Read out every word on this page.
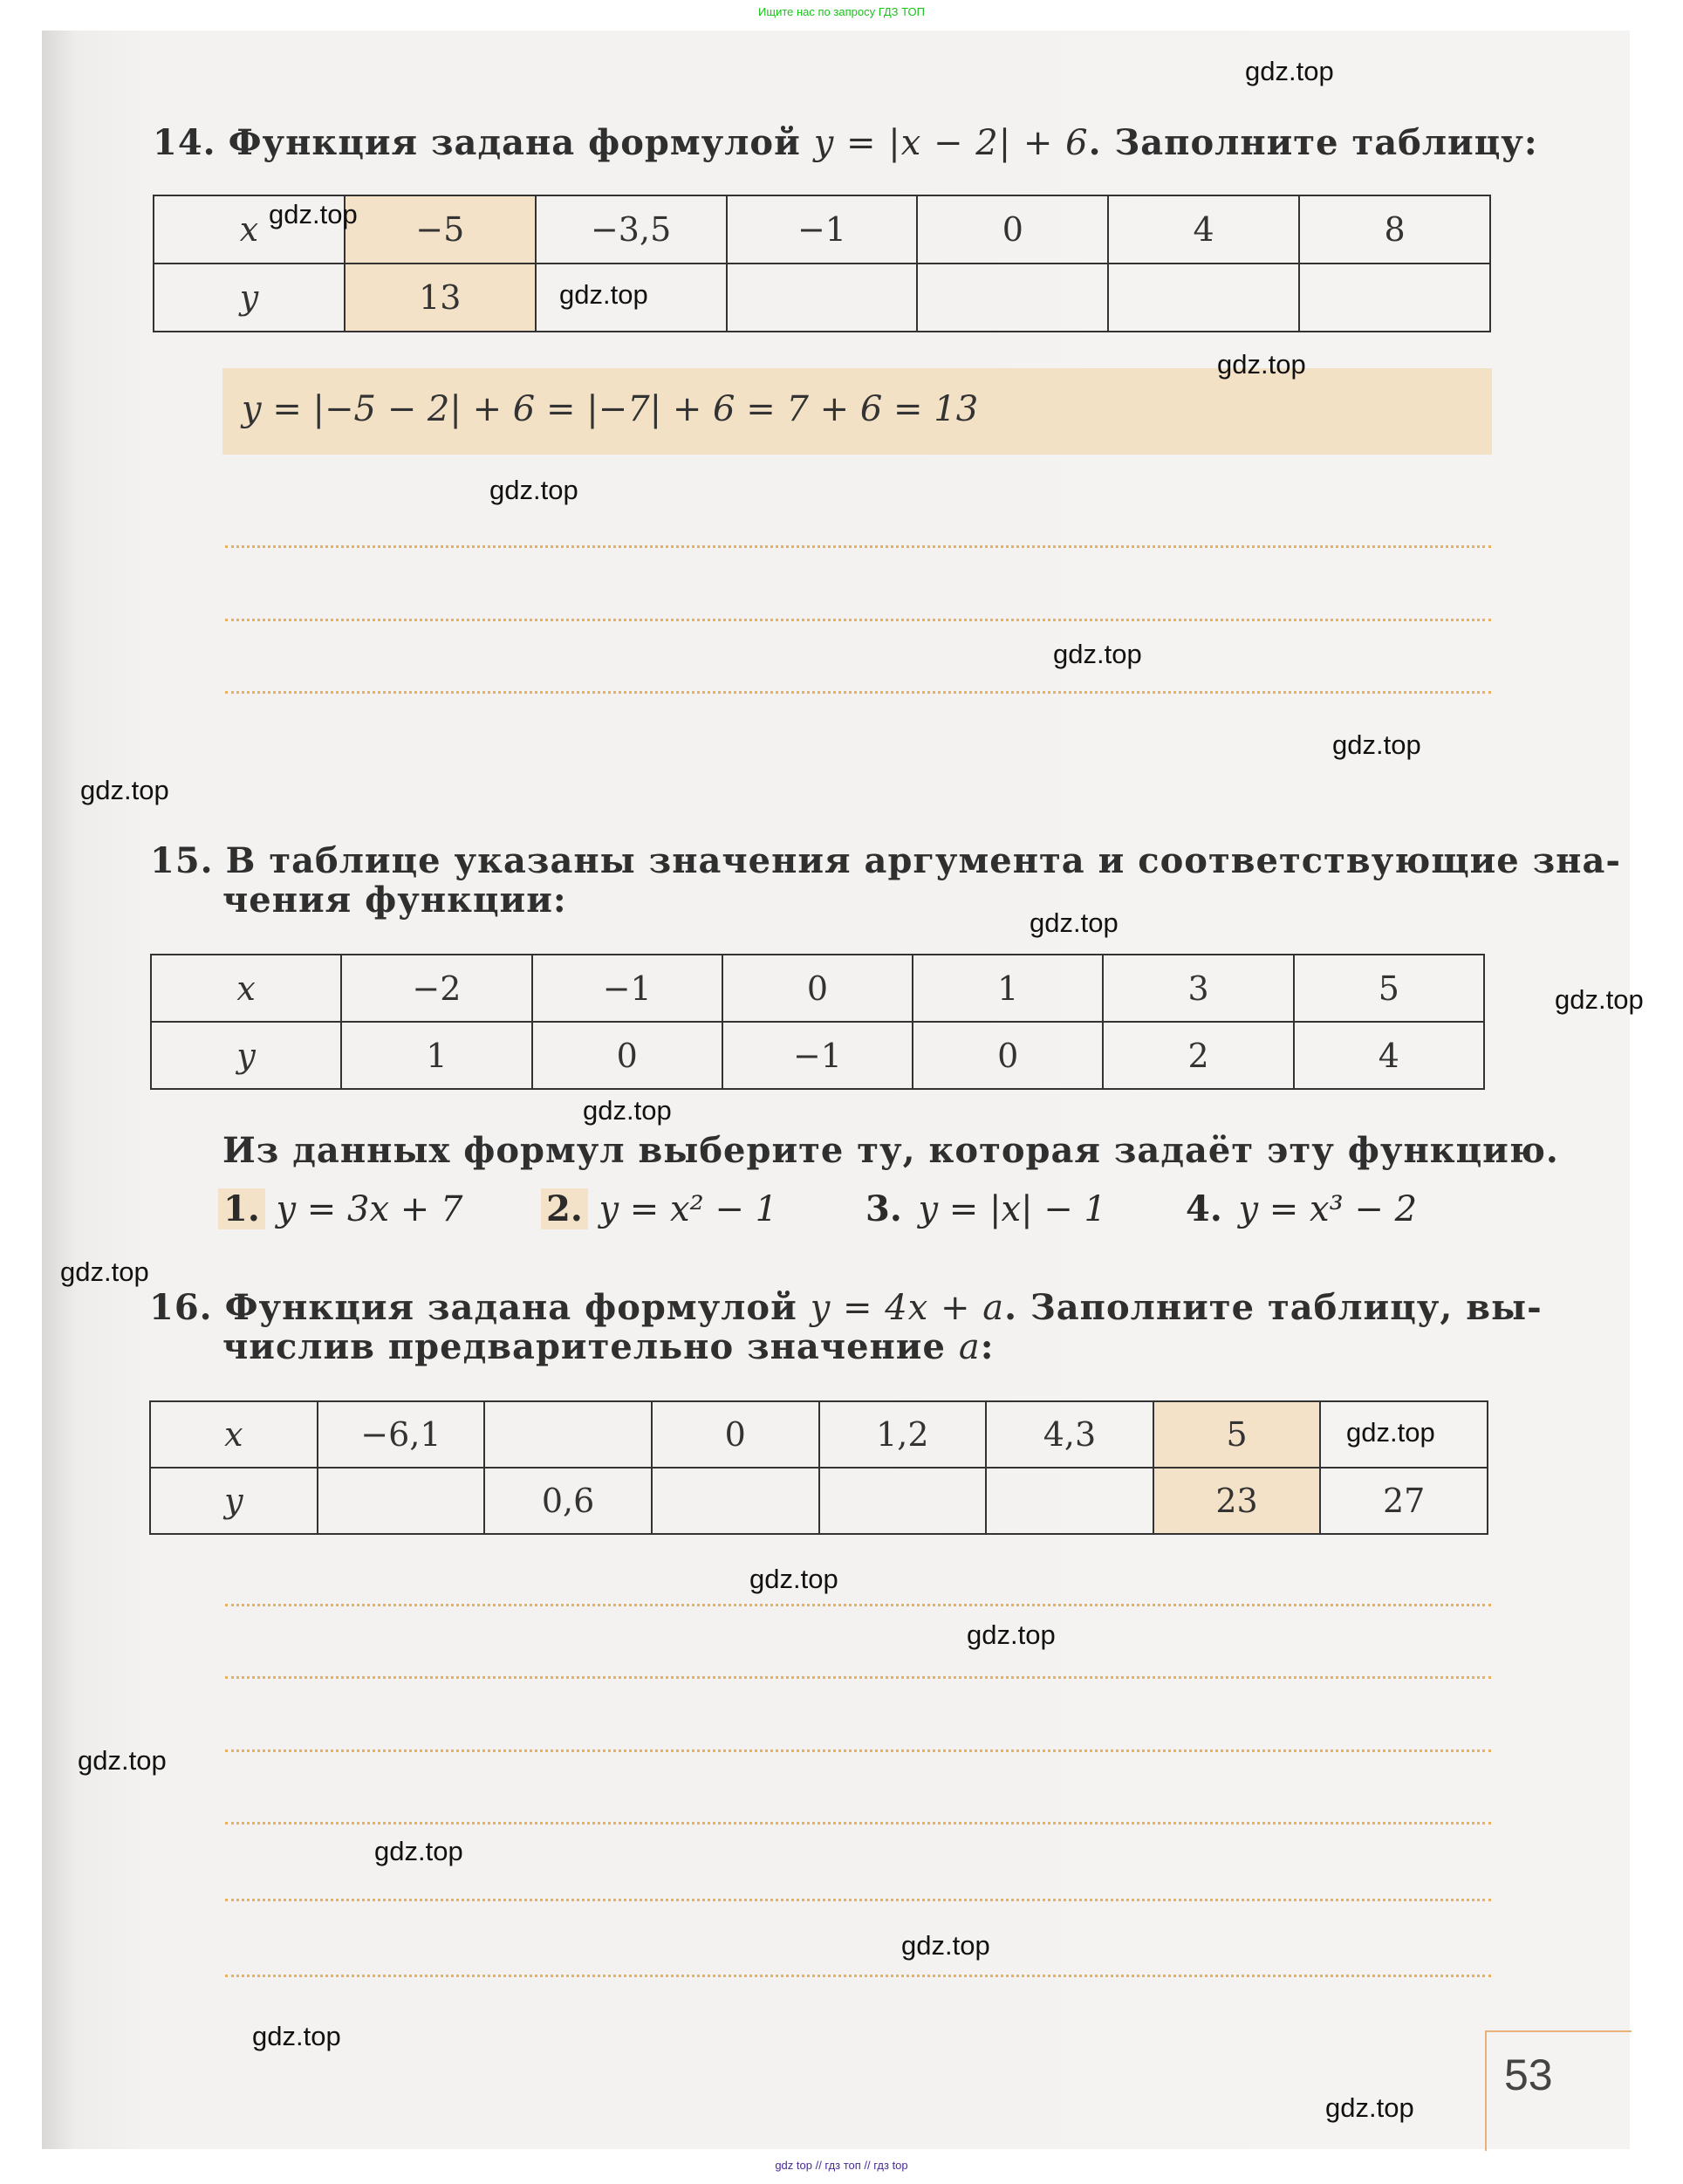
Ищите нас по запросу ГДЗ ТОП
14. Функция задана формулой y = |x − 2| + 6. Заполните таблицу:
x	−5	−3,5	−1	0	4	8
y	13					
y = |−5 − 2| + 6 = |−7| + 6 = 7 + 6 = 13
15. В таблице указаны значения аргумента и соответствующие зна-
чения функции:
x	−2	−1	0	1	3	5
y	1	0	−1	0	2	4
Из данных формул выберите ту, которая задаёт эту функцию.
1. y = 3x + 7 2. y = x² − 1	3. y = |x| − 1 4. y = x³ − 2
16. Функция задана формулой y = 4x + a. Заполните таблицу, вы-
числив предварительно значение a:
x	−6,1		0	1,2	4,3	5	
y		0,6				23	27
53
gdz.top
gdz.top
gdz.top
gdz.top
gdz.top
gdz.top
gdz.top
gdz.top
gdz.top
gdz.top
gdz.top
gdz.top
gdz.top
gdz.top
gdz.top
gdz.top
gdz.top
gdz.top
gdz.top
gdz.top
gdz top // гдз топ // гдз top
